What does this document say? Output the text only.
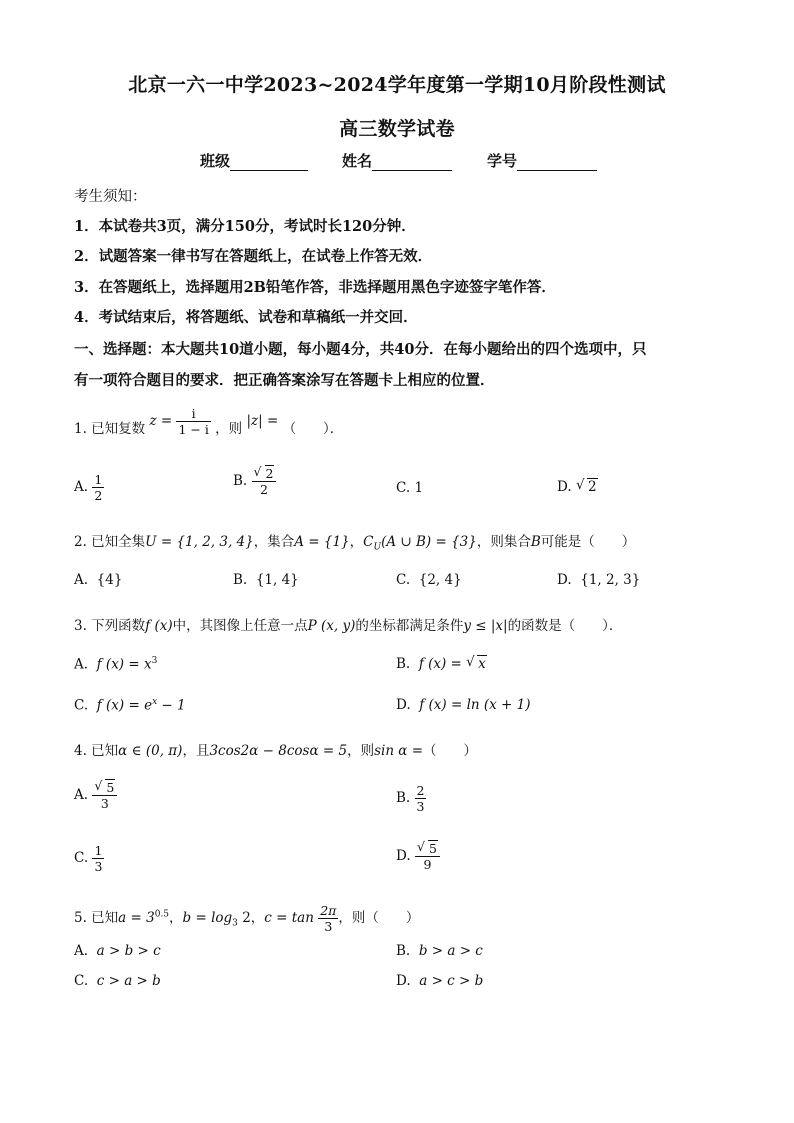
北京一六一中学2023~2024学年度第一学期10月阶段性测试
高三数学试卷
班级	姓名	学号
考生须知：
1．本试卷共3页，满分150分，考试时长120分钟．
2．试题答案一律书写在答题纸上，在试卷上作答无效．
3．在答题纸上，选择题用2B铅笔作答，非选择题用黑色字迹签字笔作答．
4．考试结束后，将答题纸、试卷和草稿纸一并交回．
一、选择题：本大题共10道小题，每小题4分，共40分．在每小题给出的四个选项中，只
有一项符合题目的要求．把正确答案涂写在答题卡上相应的位置．
1. 已知复数 $z = \frac{i}{1 - i}$ ，则 |z| = （　　）．
A. $\frac{1}{2}$	B. √ $\frac{2}{2}$	C. 1	D. √ 2
2. 已知全集U = {1, 2, 3, 4}，集合A = {1}，$C_U(A$ ∪ B) = {3}，则集合B可能是（　　）
A. {4}	B. {1, 4}	C. {2, 4}	D. {1, 2, 3}
3. 下列函数f (x)中，其图像上任意一点P (x, y)的坐标都满足条件y ≤ |x|的函数是（　　）．
A. f $(x) = x^3$	B. f (x) = √ x
C. f $(x) = e^x - 1$	D. f (x) = ln (x + 1)
4. 已知α ∈ (0, π)，且3cos2α − 8cosα = 5，则sin α =（　　）
A. √ $\frac{5}{3}$	B. $\frac{2}{3}$
C. $\frac{1}{3}$	D. √ $\frac{5}{9}$
5. 已知$a = 3^{0.5}$，$b = \log_3 2$，$c = \tan \frac{2\pi}{3}$ ，则（　　）
A. a > b > c	B. b > a > c
C. c > a > b	D. a > c > b
